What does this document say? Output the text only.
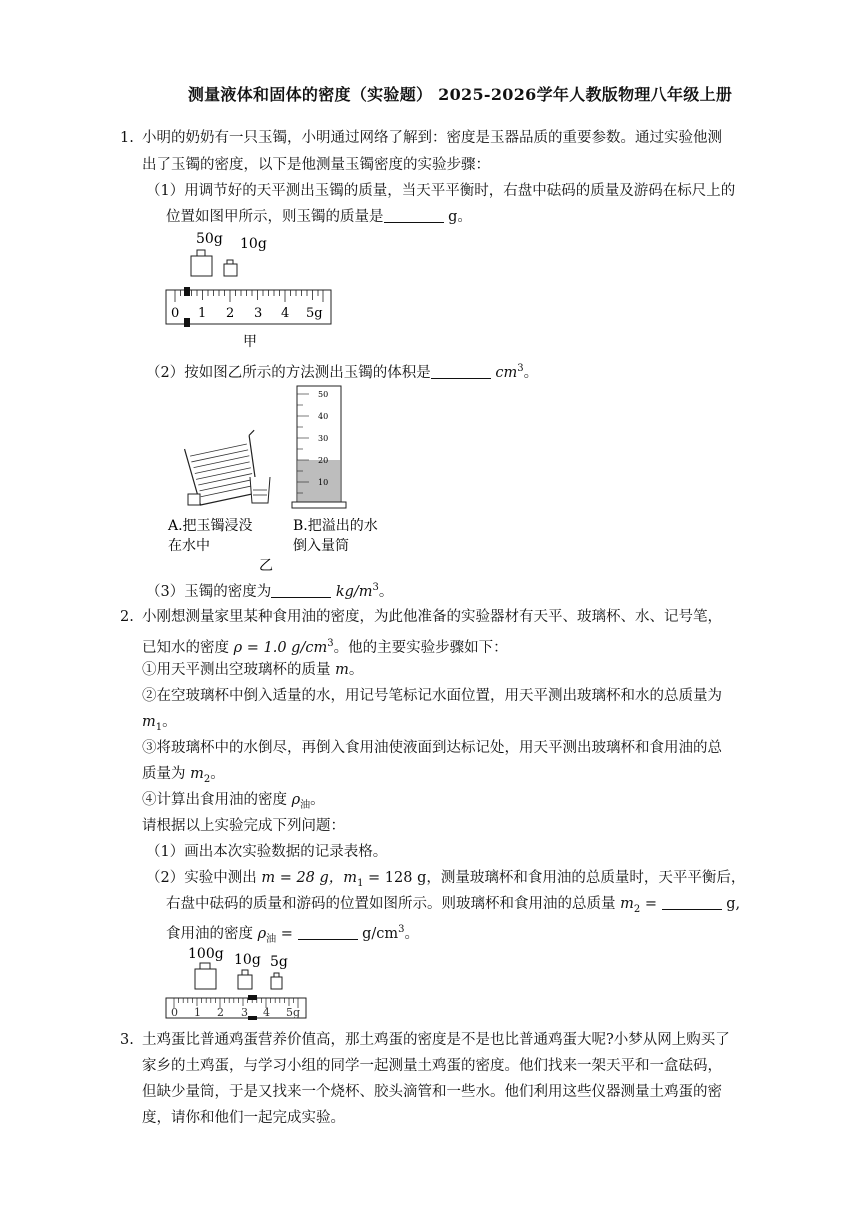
测量液体和固体的密度（实验题） 2025-2026学年人教版物理八年级上册
1. 小明的奶奶有一只玉镯，小明通过网络了解到：密度是玉器品质的重要参数。通过实验他测
出了玉镯的密度，以下是他测量玉镯密度的实验步骤：
（1）用调节好的天平测出玉镯的质量，当天平平衡时，右盘中砝码的质量及游码在标尺上的
位置如图甲所示，则玉镯的质量是	g。
50g 10g
0 1 2 3 4 5g
甲
（2）按如图乙所示的方法测出玉镯的体积是	$cm^3$。
50
40
30
20
10
A.把玉镯浸没
在水中
B.把溢出的水
倒入量筒
乙
（3）玉镯的密度为	$kg/m^3$。
2. 小刚想测量家里某种食用油的密度，为此他准备的实验器材有天平、玻璃杯、水、记号笔，
已知水的密度 ρ = 1.0 $g/cm^3$。他的主要实验步骤如下：
①用天平测出空玻璃杯的质量 m。
②在空玻璃杯中倒入适量的水，用记号笔标记水面位置，用天平测出玻璃杯和水的总质量为
$m_1$。
③将玻璃杯中的水倒尽，再倒入食用油使液面到达标记处，用天平测出玻璃杯和食用油的总
质量为 $m_2$。
④计算出食用油的密度 $\rho_油$。
请根据以上实验完成下列问题：
（1）画出本次实验数据的记录表格。
（2）实验中测出 m = 28 g，$m_1 = 128$ g，测量玻璃杯和食用油的总质量时，天平平衡后，
右盘中砝码的质量和游码的位置如图所示。则玻璃杯和食用油的总质量 $m_2$ =	g,
食用油的密度 $\rho_油$ =	$g/cm^3$。
100g 10g 5g
0 1 2 3 4 5g
3. 土鸡蛋比普通鸡蛋营养价值高，那土鸡蛋的密度是不是也比普通鸡蛋大呢?小梦从网上购买了
家乡的土鸡蛋，与学习小组的同学一起测量土鸡蛋的密度。他们找来一架天平和一盒砝码，
但缺少量筒，于是又找来一个烧杯、胶头滴管和一些水。他们利用这些仪器测量土鸡蛋的密
度，请你和他们一起完成实验。
